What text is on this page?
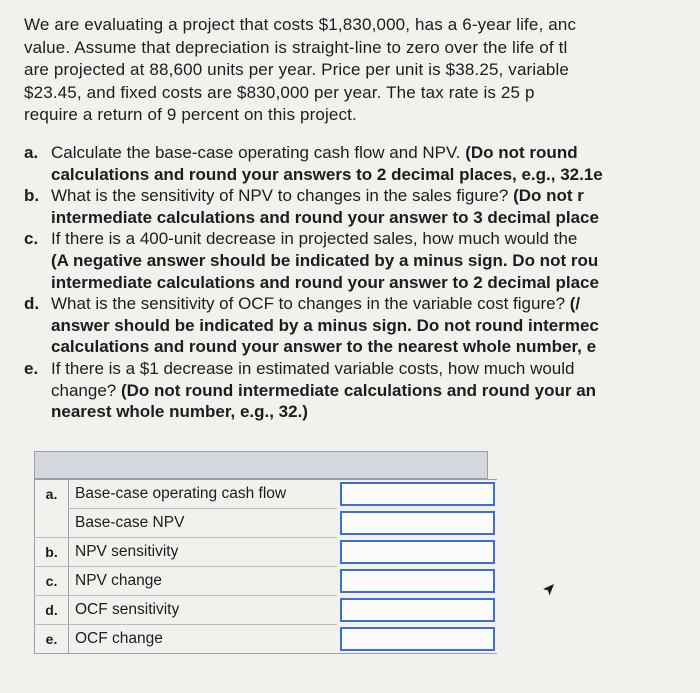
We are evaluating a project that costs $1,830,000, has a 6-year life, anc
value. Assume that depreciation is straight-line to zero over the life of tl
are projected at 88,600 units per year. Price per unit is $38.25, variablе
$23.45, and fixed costs are $830,000 per year. The tax rate is 25 р
require a return of 9 percent on this project.
a. Calculate the base-case operating cash flow and NPV. (Do not round
calculations and round your answers to 2 decimal places, e.g., 32.1е
b. What is the sensitivity of NPV to changes in the sales figure? (Do not r
intermediate calculations and round your answer to 3 decimal placе
c. If there is a 400-unit decrease in projected sales, how much would thе
(A negative answer should be indicated by a minus sign. Do not rou
intermediate calculations and round your answer to 2 decimal placе
d. What is the sensitivity of OCF to changes in the variable cost figure? (/
answer should be indicated by a minus sign. Do not round intermec
calculations and round your answer to the nearest whole number, e
e. If there is a $1 decrease in estimated variable costs, how much would
change? (Do not round intermediate calculations and round your an
nearest whole number, e.g., 32.)
a.	Base-case operating cash flow	
	Base-case NPV	
b.	NPV sensitivity	
c.	NPV change	
d.	OCF sensitivity	
e.	OCF change	
